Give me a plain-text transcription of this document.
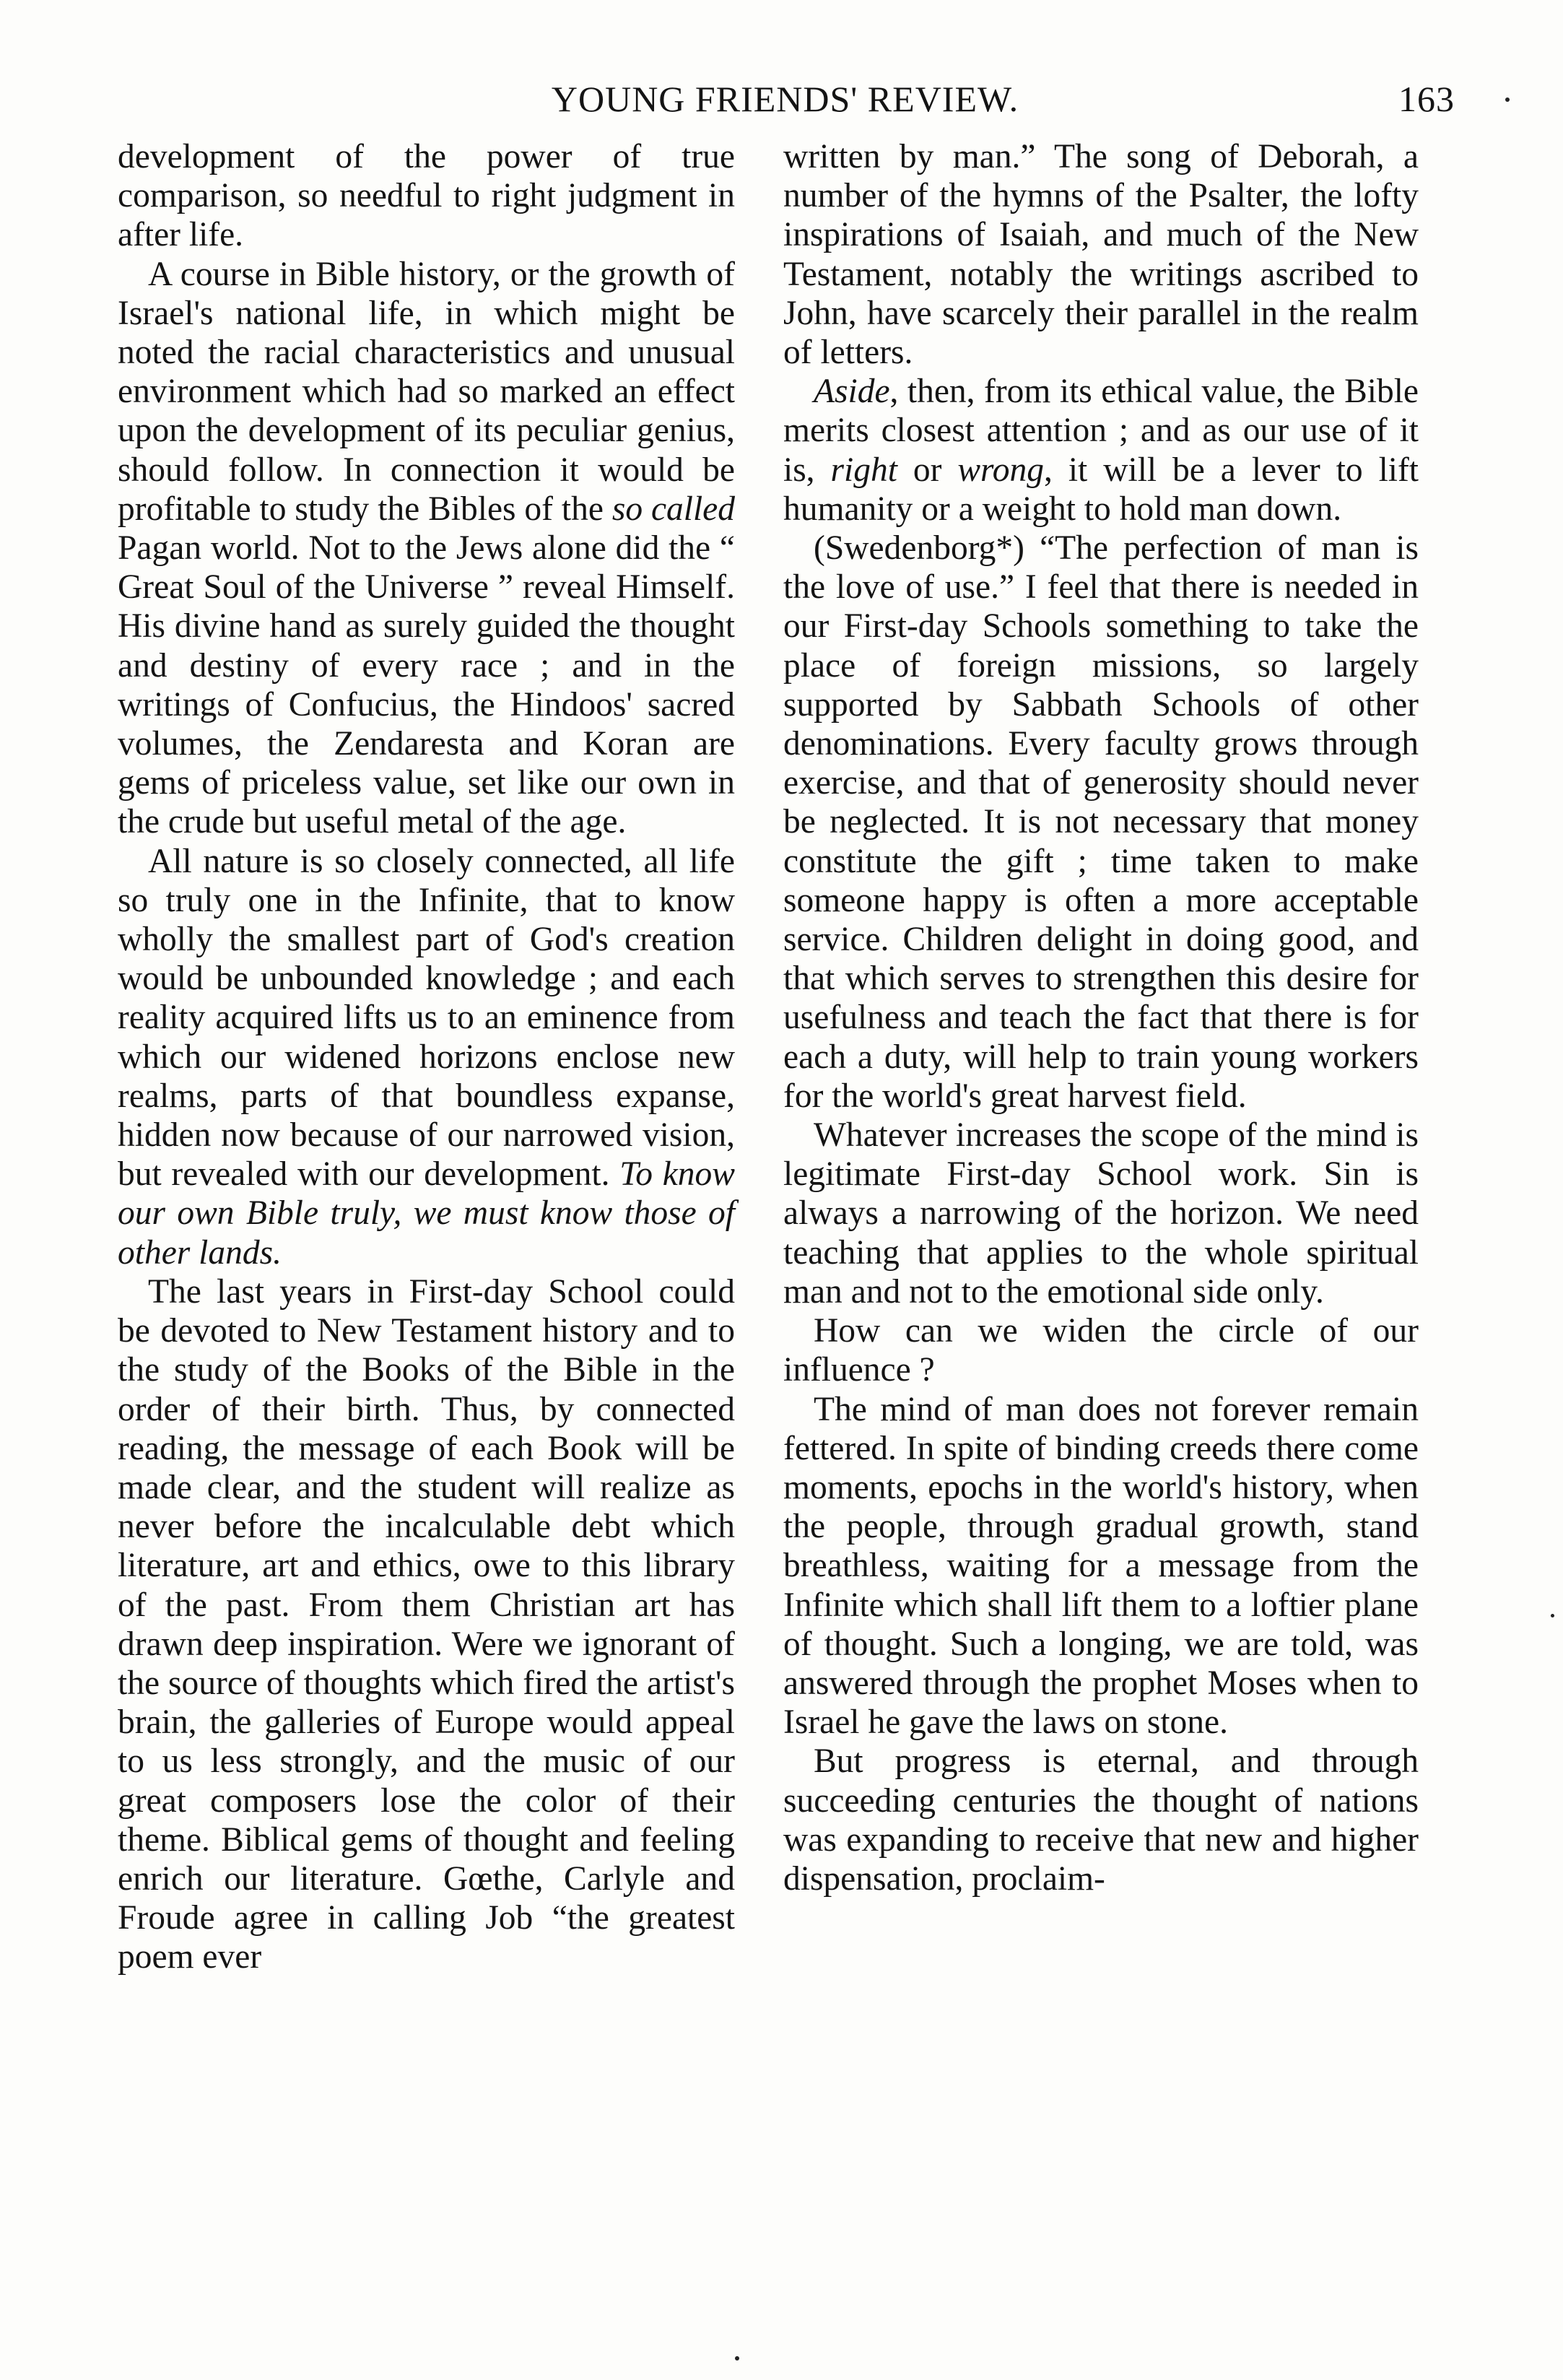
YOUNG FRIENDS' REVIEW.	163

development of the power of true comparison, so needful to right judgment in after life.

A course in Bible history, or the growth of Israel's national life, in which might be noted the racial characteristics and unusual environment which had so marked an effect upon the development of its peculiar genius, should follow. In connection it would be profitable to study the Bibles of the so called Pagan world. Not to the Jews alone did the “ Great Soul of the Universe ” reveal Himself. His divine hand as surely guided the thought and destiny of every race ; and in the writings of Confucius, the Hindoos' sacred volumes, the Zendaresta and Koran are gems of priceless value, set like our own in the crude but useful metal of the age.

All nature is so closely connected, all life so truly one in the Infinite, that to know wholly the smallest part of God's creation would be unbounded knowledge ; and each reality acquired lifts us to an eminence from which our widened horizons enclose new realms, parts of that boundless expanse, hidden now because of our narrowed vision, but revealed with our development. To know our own Bible truly, we must know those of other lands.

The last years in First-day School could be devoted to New Testament history and to the study of the Books of the Bible in the order of their birth. Thus, by connected reading, the message of each Book will be made clear, and the student will realize as never before the incalculable debt which literature, art and ethics, owe to this library of the past. From them Christian art has drawn deep inspiration. Were we ignorant of the source of thoughts which fired the artist's brain, the galleries of Europe would appeal to us less strongly, and the music of our great composers lose the color of their theme. Biblical gems of thought and feeling enrich our literature. Gœthe, Carlyle and Froude agree in calling Job “the greatest poem ever

written by man.” The song of Deborah, a number of the hymns of the Psalter, the lofty inspirations of Isaiah, and much of the New Testament, notably the writings ascribed to John, have scarcely their parallel in the realm of letters.

Aside, then, from its ethical value, the Bible merits closest attention ; and as our use of it is, right or wrong, it will be a lever to lift humanity or a weight to hold man down.

(Swedenborg*) “The perfection of man is the love of use.” I feel that there is needed in our First-day Schools something to take the place of foreign missions, so largely supported by Sabbath Schools of other denominations. Every faculty grows through exercise, and that of generosity should never be neglected. It is not necessary that money constitute the gift ; time taken to make someone happy is often a more acceptable service. Children delight in doing good, and that which serves to strengthen this desire for usefulness and teach the fact that there is for each a duty, will help to train young workers for the world's great harvest field.

Whatever increases the scope of the mind is legitimate First-day School work. Sin is always a narrowing of the horizon. We need teaching that applies to the whole spiritual man and not to the emotional side only.

How can we widen the circle of our influence ?

The mind of man does not forever remain fettered. In spite of binding creeds there come moments, epochs in the world's history, when the people, through gradual growth, stand breathless, waiting for a message from the Infinite which shall lift them to a loftier plane of thought. Such a longing, we are told, was answered through the prophet Moses when to Israel he gave the laws on stone.

But progress is eternal, and through succeeding centuries the thought of nations was expanding to receive that new and higher dispensation, proclaim-
